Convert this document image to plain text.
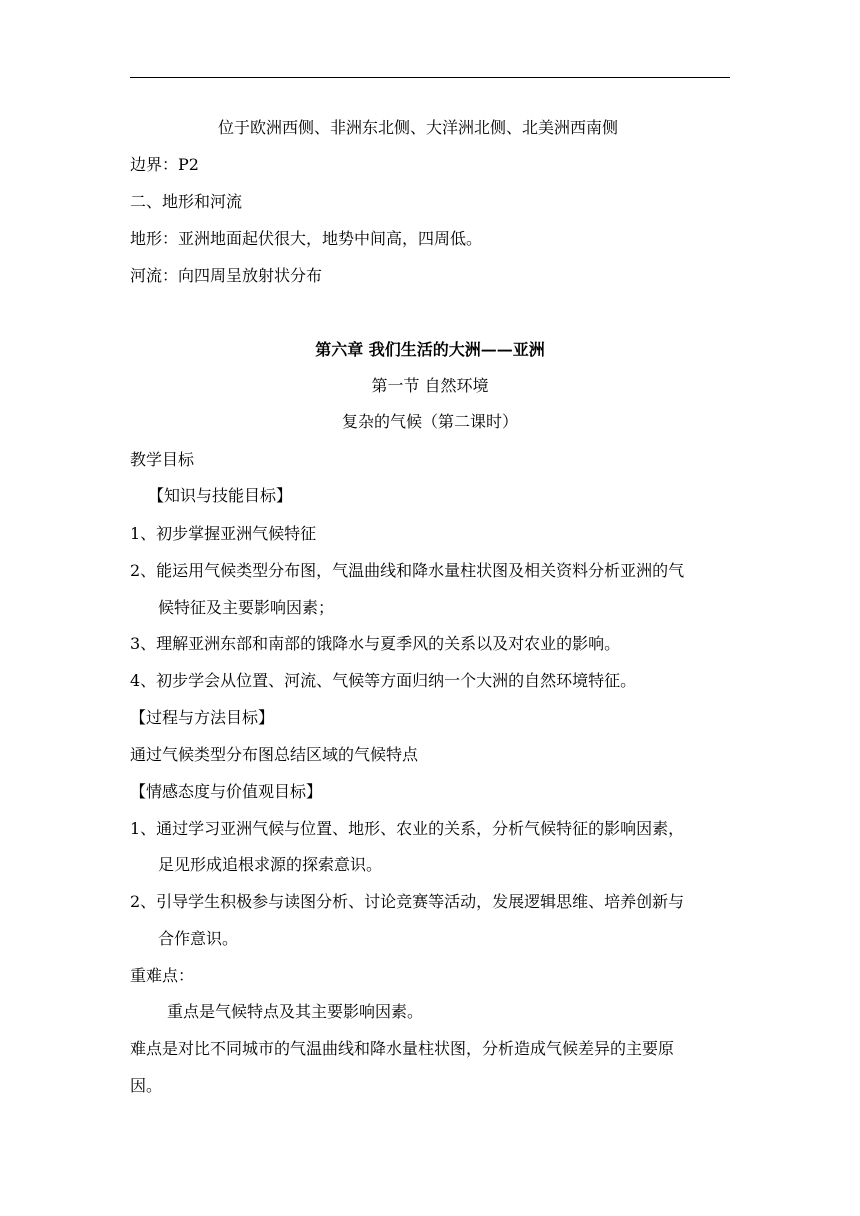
位于欧洲西侧、非洲东北侧、大洋洲北侧、北美洲西南侧
边界：P2
二、地形和河流
地形：亚洲地面起伏很大，地势中间高，四周低。
河流：向四周呈放射状分布
第六章 我们生活的大洲——亚洲
第一节 自然环境
复杂的气候（第二课时）
教学目标
【知识与技能目标】
1、初步掌握亚洲气候特征
2、能运用气候类型分布图，气温曲线和降水量柱状图及相关资料分析亚洲的气
候特征及主要影响因素；
3、理解亚洲东部和南部的饿降水与夏季风的关系以及对农业的影响。
4、初步学会从位置、河流、气候等方面归纳一个大洲的自然环境特征。
【过程与方法目标】
通过气候类型分布图总结区域的气候特点
【情感态度与价值观目标】
1、通过学习亚洲气候与位置、地形、农业的关系，分析气候特征的影响因素，
足见形成追根求源的探索意识。
2、引导学生积极参与读图分析、讨论竞赛等活动，发展逻辑思维、培养创新与
合作意识。
重难点：
重点是气候特点及其主要影响因素。
难点是对比不同城市的气温曲线和降水量柱状图，分析造成气候差异的主要原
因。
